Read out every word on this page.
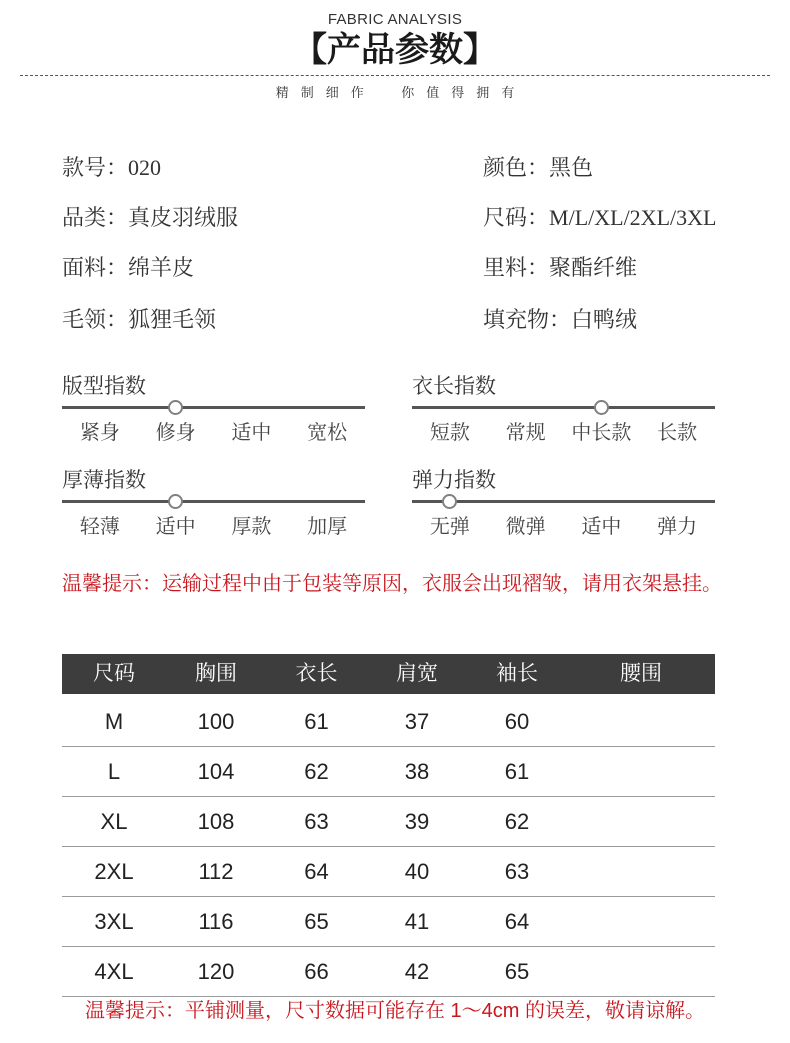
FABRIC ANALYSIS
【产品参数】
精制细作 你值得拥有
款号：020	颜色：黑色
品类：真皮羽绒服	尺码：M/L/XL/2XL/3XL
面料：绵羊皮	里料：聚酯纤维
毛领：狐狸毛领	填充物：白鸭绒
版型指数
紧身	修身	适中	宽松
衣长指数
短款	常规	中长款	长款
厚薄指数
轻薄	适中	厚款	加厚
弹力指数
无弹	微弹	适中	弹力
温馨提示：运输过程中由于包装等原因，衣服会出现褶皱，请用衣架悬挂。
尺码	胸围	衣长	肩宽	袖长	腰围
M	100	61	37	60
L	104	62	38	61
XL	108	63	39	62
2XL	112	64	40	63
3XL	116	65	41	64
4XL	120	66	42	65
温馨提示：平铺测量，尺寸数据可能存在 1～4cm 的误差，敬请谅解。
